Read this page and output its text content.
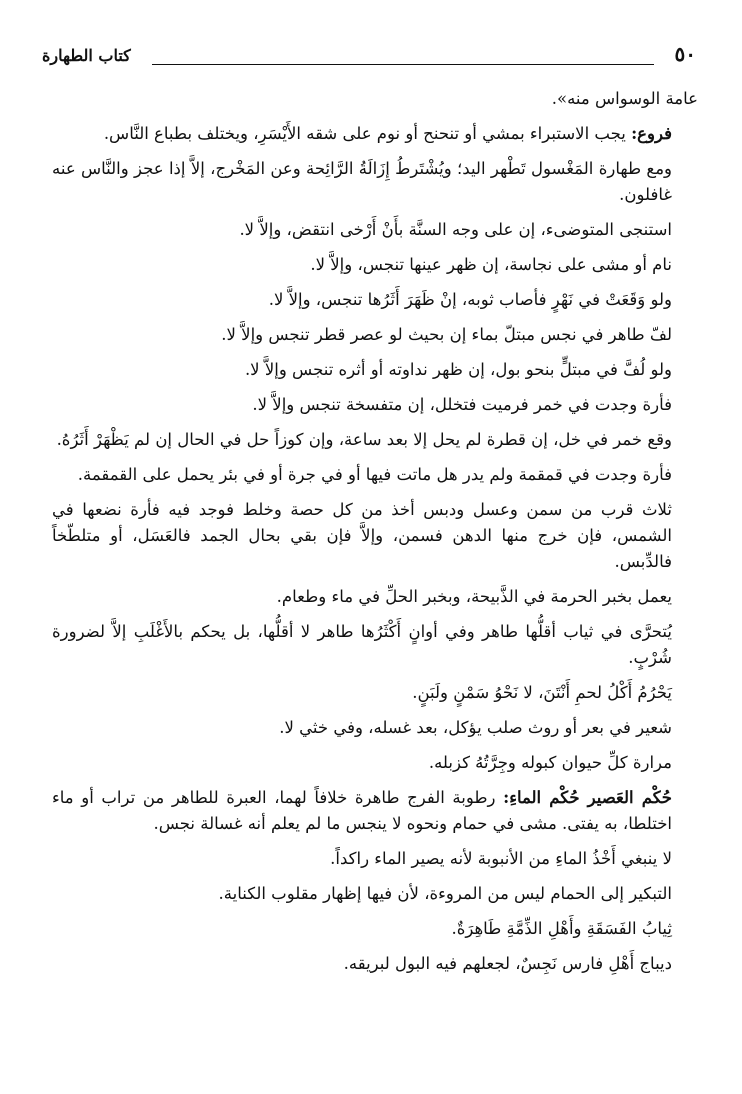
٥٠
كتاب الطهارة

عامة الوسواس منه».

فروع: يجب الاستبراء بمشي أو تنحنح أو نوم على شقه الأَيْسَرِ، ويختلف بطباع النَّاس.

ومع طهارة المَغْسول تَطْهر اليد؛ ويُشْتَرطُ إِزَالَةُ الرَّائِحة وعن المَخْرج، إلاَّ إذا عجز والنَّاس عنه غافلون.

استنجى المتوضىء، إن على وجه السنَّة بأَنْ أَرْخى انتقض، وإلاَّ لا.

نام أو مشى على نجاسة، إن ظهر عينها تنجس، وإلاَّ لا.

ولو وَقَعَتْ في نَهْرٍ فأصاب ثوبه، إنْ ظَهَرَ أَثَرُها تنجس، وإلاَّ لا.

لفّ طاهر في نجس مبتلّ بماء إن بحيث لو عصر قطر تنجس وإلاَّ لا.

ولو لُفَّ في مبتلٍّ بنحو بول، إن ظهر نداوته أو أثره تنجس وإلاَّ لا.

فأرة وجدت في خمر فرميت فتخلل، إن متفسخة تنجس وإلاَّ لا.

وقع خمر في خل، إن قطرة لم يحل إلا بعد ساعة، وإن كوزاً حل في الحال إن لم يَظْهَرْ أَثَرُهُ.

فأرة وجدت في قمقمة ولم يدر هل ماتت فيها أو في جرة أو في بئر يحمل على القمقمة.

ثلاث قرب من سمن وعسل ودبس أخذ من كل حصة وخلط فوجد فيه فأرة نضعها في الشمس، فإن خرج منها الدهن فسمن، وإلاَّ فإن بقي بحال الجمد فالعَسَل، أو متلطّخاً فالدِّبس.

يعمل بخبر الحرمة في الذَّبيحة، وبخبر الحلِّ في ماء وطعام.

يُتحرَّى في ثياب أقلُّها طاهر وفي أوانٍ أَكْثَرُها طاهر لا أقلُّها، بل يحكم بالأَغْلَبِ إلاَّ لضرورة شُرْبٍ.

يَحْرُمُ أَكْلُ لحمِ أَنْتَنَ، لا نَحْوُ سَمْنٍ ولَبَنٍ.

شعير في بعر أو روث صلب يؤكل، بعد غسله، وفي خثي لا.

مرارة كلِّ حيوان كبوله وجِرَّتُهُ كزبله.

حُكْم العَصير حُكْم الماءِ: رطوبة الفرج طاهرة خلافاً لهما، العبرة للطاهر من تراب أو ماء اختلطا، به يفتى. مشى في حمام ونحوه لا ينجس ما لم يعلم أنه غسالة نجس.

لا ينبغي أَخْذُ الماءِ من الأنبوبة لأنه يصير الماء راكداً.

التبكير إلى الحمام ليس من المروءة، لأن فيها إظهار مقلوب الكناية.

ثِيابُ الفَسَقَةِ وأَهْلِ الذِّمَّةِ طَاهِرَةٌ.

ديباج أَهْلِ فارس نَجِسٌ، لجعلهم فيه البول لبريقه.
